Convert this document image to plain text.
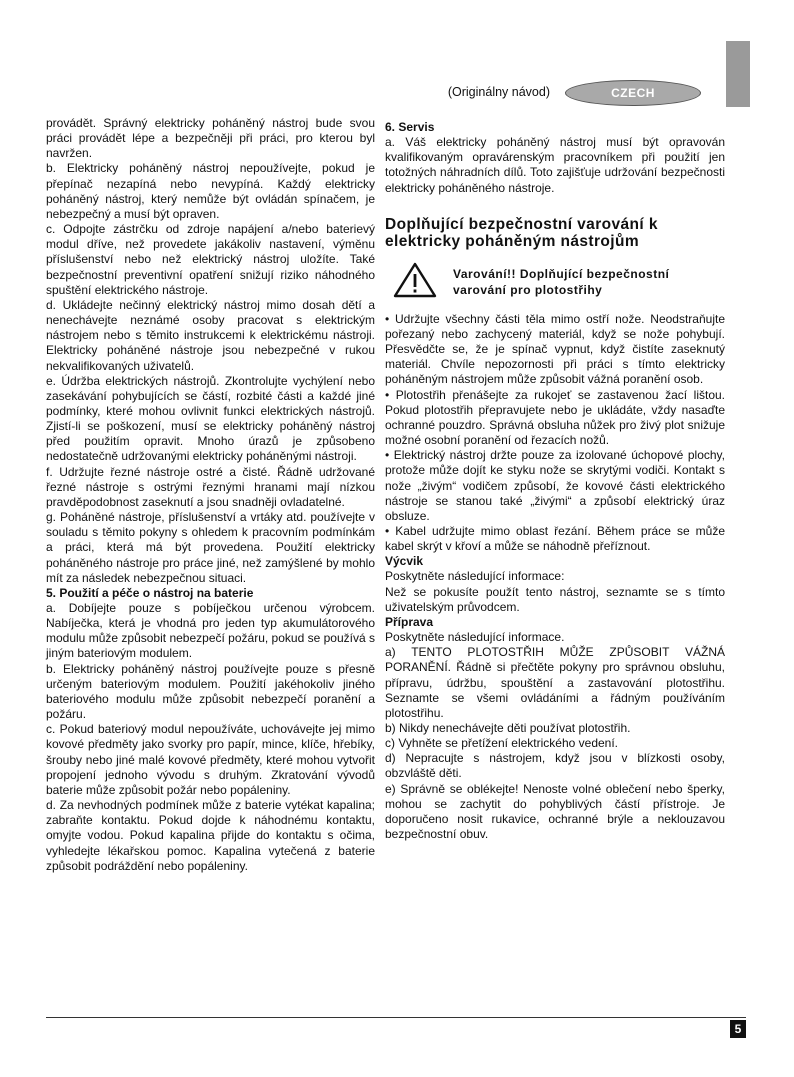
(Originálny návod)	CZECH

provádět. Správný elektricky poháněný nástroj bude svou práci provádět lépe a bezpečněji při práci, pro kterou byl navržen.

b. Elektricky poháněný nástroj nepoužívejte, pokud je přepínač nezapíná nebo nevypíná. Každý elektricky poháněný nástroj, který nemůže být ovládán spínačem, je nebezpečný a musí být opraven.

c. Odpojte zástrčku od zdroje napájení a/nebo baterievý modul dříve, než provedete jakákoliv nastavení, výměnu příslušenství nebo než elektrický nástroj uložíte. Také bezpečnostní preventivní opatření snižují riziko náhodného spuštění elektrického nástroje.

d. Ukládejte nečinný elektrický nástroj mimo dosah dětí a nenechávejte neznámé osoby pracovat s elektrickým nástrojem nebo s těmito instrukcemi k elektrickému nástroji. Elektricky poháněné nástroje jsou nebezpečné v rukou nekvalifikovaných uživatelů.

e. Údržba elektrických nástrojů. Zkontrolujte vychýlení nebo zasekávání pohybujících se částí, rozbité části a každé jiné podmínky, které mohou ovlivnit funkci elektrických nástrojů. Zjistí-li se poškození, musí se elektricky poháněný nástroj před použitím opravit. Mnoho úrazů je způsobeno nedostatečně udržovanými elektricky poháněnými nástroji.

f. Udržujte řezné nástroje ostré a čisté. Řádně udržované řezné nástroje s ostrými řeznými hranami mají nízkou pravděpodobnost zaseknutí a jsou snadněji ovladatelné.

g. Poháněné nástroje, příslušenství a vrtáky atd. používejte v souladu s těmito pokyny s ohledem k pracovním podmínkám a práci, která má být provedena. Použití elektricky poháněného nástroje pro práce jiné, než zamýšlené by mohlo mít za následek nebezpečnou situaci.

5. Použití a péče o nástroj na baterie

a. Dobíjejte pouze s pobíječkou určenou výrobcem. Nabíječka, která je vhodná pro jeden typ akumulátorového modulu může způsobit nebezpečí požáru, pokud se používá s jiným bateriovým modulem.

b. Elektricky poháněný nástroj používejte pouze s přesně určeným bateriovým modulem. Použití jakéhokoliv jiného bateriového modulu může způsobit nebezpečí poranění a požáru.

c. Pokud bateriový modul nepoužíváte, uchovávejte jej mimo kovové předměty jako svorky pro papír, mince, klíče, hřebíky, šrouby nebo jiné malé kovové předměty, které mohou vytvořit propojení jednoho vývodu s druhým. Zkratování vývodů baterie může způsobit požár nebo popáleniny.

d. Za nevhodných podmínek může z baterie vytékat kapalina; zabraňte kontaktu. Pokud dojde k náhodnému kontaktu, omyjte vodou. Pokud kapalina přijde do kontaktu s očima, vyhledejte lékařskou pomoc. Kapalina vytečená z baterie způsobit podráždění nebo popáleniny.

6. Servis

a. Váš elektricky poháněný nástroj musí být opravován kvalifikovaným opravárenským pracovníkem při použití jen totožných náhradních dílů. Toto zajišťuje udržování bezpečnosti elektricky poháněného nástroje.

Doplňující bezpečnostní varování k elektricky poháněným nástrojům
Varování!! Doplňující bezpečnostní
varování pro plotostřihy

• Udržujte všechny části těla mimo ostří nože. Neodstraňujte pořezaný nebo zachycený materiál, když se nože pohybují. Přesvědčte se, že je spínač vypnut, když čistíte zaseknutý materiál. Chvíle nepozornosti při práci s tímto elektricky poháněným nástrojem může způsobit vážná poranění osob.

• Plotostřih přenášejte za rukojeť se zastavenou žací lištou. Pokud plotostřih přepravujete nebo je ukládáte, vždy nasaďte ochranné pouzdro. Správná obsluha nůžek pro živý plot snižuje možné osobní poranění od řezacích nožů.

• Elektrický nástroj držte pouze za izolované úchopové plochy, protože může dojít ke styku nože se skrytými vodiči. Kontakt s nože „živým“ vodičem způsobí, že kovové části elektrického nástroje se stanou také „živými“ a způsobí elektrický úraz obsluze.

• Kabel udržujte mimo oblast řezání. Během práce se může kabel skrýt v křoví a může se náhodně přeříznout.

Výcvik

Poskytněte následující informace:

Než se pokusíte použít tento nástroj, seznamte se s tímto uživatelským průvodcem.

Příprava

Poskytněte následující informace.

a) TENTO PLOTOSTŘIH MŮŽE ZPŮSOBIT VÁŽNÁ PORANĚNÍ. Řádně si přečtěte pokyny pro správnou obsluhu, přípravu, údržbu, spouštění a zastavování plotostřihu. Seznamte se všemi ovládáními a řádným používáním plotostřihu.

b) Nikdy nenechávejte děti používat plotostřih.

c) Vyhněte se přetížení elektrického vedení.

d) Nepracujte s nástrojem, když jsou v blízkosti osoby, obzvláště děti.

e) Správně se oblékejte! Nenoste volné oblečení nebo šperky, mohou se zachytit do pohyblivých částí přístroje. Je doporučeno nosit rukavice, ochranné brýle a neklouzavou bezpečnostní obuv.

5
